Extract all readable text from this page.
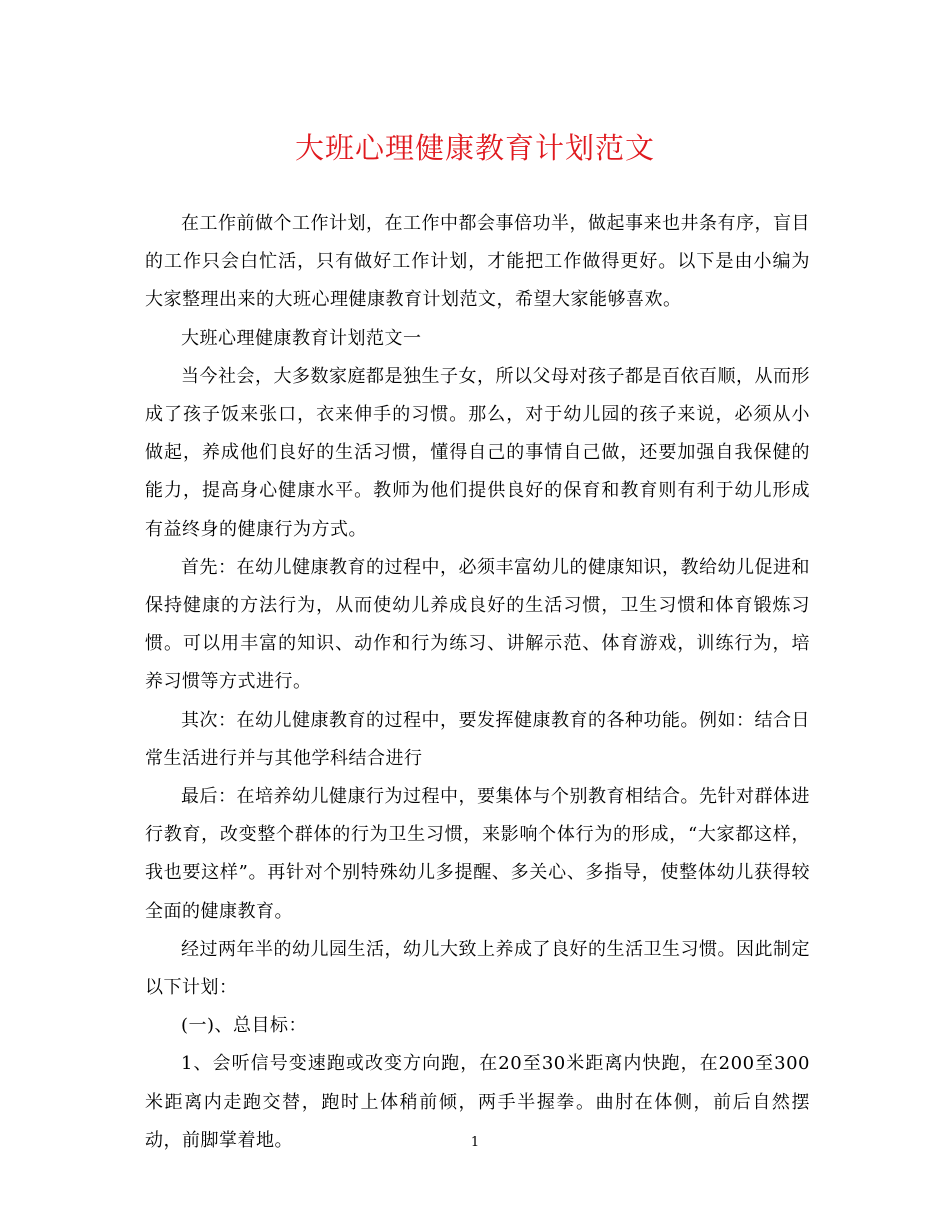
大班心理健康教育计划范文

在工作前做个工作计划，在工作中都会事倍功半，做起事来也井条有序，盲目的工作只会白忙活，只有做好工作计划，才能把工作做得更好。以下是由小编为大家整理出来的大班心理健康教育计划范文，希望大家能够喜欢。

大班心理健康教育计划范文一

当今社会，大多数家庭都是独生子女，所以父母对孩子都是百依百顺，从而形成了孩子饭来张口，衣来伸手的习惯。那么，对于幼儿园的孩子来说，必须从小做起，养成他们良好的生活习惯，懂得自己的事情自己做，还要加强自我保健的能力，提高身心健康水平。教师为他们提供良好的保育和教育则有利于幼儿形成有益终身的健康行为方式。

首先：在幼儿健康教育的过程中，必须丰富幼儿的健康知识，教给幼儿促进和保持健康的方法行为，从而使幼儿养成良好的生活习惯，卫生习惯和体育锻炼习惯。可以用丰富的知识、动作和行为练习、讲解示范、体育游戏，训练行为，培养习惯等方式进行。

其次：在幼儿健康教育的过程中，要发挥健康教育的各种功能。例如：结合日常生活进行并与其他学科结合进行

最后：在培养幼儿健康行为过程中，要集体与个别教育相结合。先针对群体进行教育，改变整个群体的行为卫生习惯，来影响个体行为的形成，“大家都这样，我也要这样”。再针对个别特殊幼儿多提醒、多关心、多指导，使整体幼儿获得较全面的健康教育。

经过两年半的幼儿园生活，幼儿大致上养成了良好的生活卫生习惯。因此制定以下计划：

(一)、总目标：

1、会听信号变速跑或改变方向跑，在20至30米距离内快跑，在200至300米距离内走跑交替，跑时上体稍前倾，两手半握拳。曲肘在体侧，前后自然摆动，前脚掌着地。	1
